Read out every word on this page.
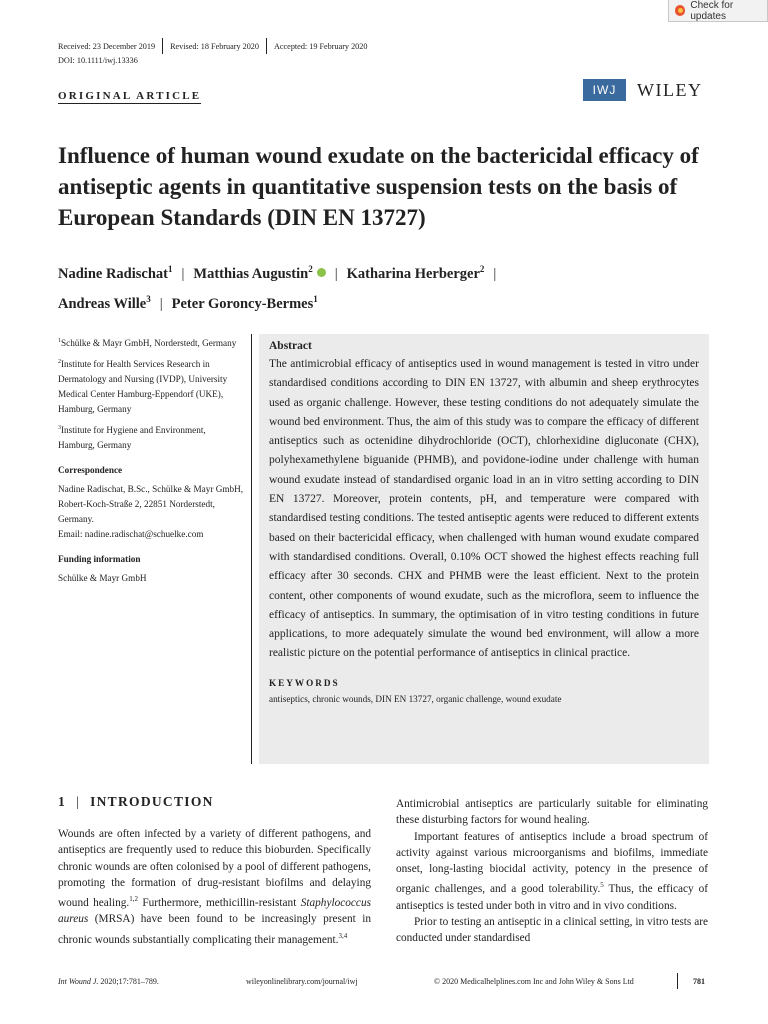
Check for updates
Received: 23 December 2019 Revised: 18 February 2020 Accepted: 19 February 2020
DOI: 10.1111/iwj.13336
ORIGINAL ARTICLE	IWJ	WILEY
Influence of human wound exudate on the bactericidal efficacy of antiseptic agents in quantitative suspension tests on the basis of European Standards (DIN EN 13727)
Nadine Radischat$^1$ | Matthias Augustin$^2$ | Katharina Herberger$^2$ |
Andreas Wille$^3$ | Peter Goroncy-Bermes$^1$

$^1$Schülke & Mayr GmbH, Norderstedt, Germany

$^2$Institute for Health Services Research in Dermatology and Nursing (IVDP), University Medical Center Hamburg-Eppendorf (UKE), Hamburg, Germany

$^3$Institute for Hygiene and Environment, Hamburg, Germany

Correspondence

Nadine Radischat, B.Sc., Schülke & Mayr GmbH, Robert-Koch-Straße 2, 22851 Norderstedt, Germany.

Email: nadine.radischat@schuelke.com

Funding information

Schülke & Mayr GmbH

Abstract
The antimicrobial efficacy of antiseptics used in wound management is tested in vitro under standardised conditions according to DIN EN 13727, with albumin and sheep erythrocytes used as organic challenge. However, these testing conditions do not adequately simulate the wound bed environment. Thus, the aim of this study was to compare the efficacy of different antiseptics such as octenidine dihydrochloride (OCT), chlorhexidine digluconate (CHX), polyhexamethylene biguanide (PHMB), and povidone-iodine under challenge with human wound exudate instead of standardised organic load in an in vitro setting according to DIN EN 13727. Moreover, protein contents, pH, and temperature were compared with standardised testing conditions. The tested antiseptic agents were reduced to different extents based on their bactericidal efficacy, when challenged with human wound exudate compared with standardised conditions. Overall, 0.10% OCT showed the highest effects reaching full efficacy after 30 seconds. CHX and PHMB were the least efficient. Next to the protein content, other components of wound exudate, such as the microflora, seem to influence the efficacy of antiseptics. In summary, the optimisation of in vitro testing conditions in future applications, to more adequately simulate the wound bed environment, will allow a more realistic picture on the potential performance of antiseptics in clinical practice.
KEYWORDS
antiseptics, chronic wounds, DIN EN 13727, organic challenge, wound exudate
1 | INTRODUCTION

Wounds are often infected by a variety of different pathogens, and antiseptics are frequently used to reduce this bioburden. Specifically chronic wounds are often colonised by a pool of different pathogens, promoting the formation of drug-resistant biofilms and delaying wound healing.$^{1,2}$ Furthermore, methicillin-resistant Staphylococcus aureus (MRSA) have been found to be increasingly present in chronic wounds substantially complicating their management.$^{3,4}$

Antimicrobial antiseptics are particularly suitable for eliminating these disturbing factors for wound healing.

Important features of antiseptics include a broad spectrum of activity against various microorganisms and biofilms, immediate onset, long-lasting biocidal activity, potency in the presence of organic challenges, and a good tolerability.$^5$ Thus, the efficacy of antiseptics is tested under both in vitro and in vivo conditions.

Prior to testing an antiseptic in a clinical setting, in vitro tests are conducted under standardised

Int Wound J. 2020;17:781–789.	wileyonlinelibrary.com/journal/iwj	© 2020 Medicalhelplines.com Inc and John Wiley & Sons Ltd	781
